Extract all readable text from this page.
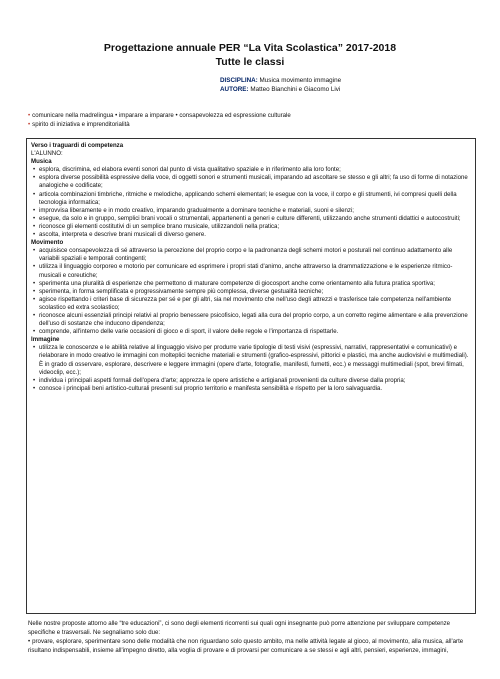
Progettazione annuale PER “La Vita Scolastica” 2017-2018
Tutte le classi
DISCIPLINA: Musica movimento immagine
AUTORE: Matteo Bianchini e Giacomo Livi
• comunicare nella madrelingua • imparare a imparare • consapevolezza ed espressione culturale
• spirito di iniziativa e imprenditorialità
Verso i traguardi di competenza
L'ALUNNO:
Musica
• esplora, discrimina, ed elabora eventi sonori dal punto di vista qualitativo spaziale e in riferimento alla loro fonte;
• esplora diverse possibilità espressive della voce, di oggetti sonori e strumenti musicali, imparando ad ascoltare se stesso e gli altri; fa uso di forme di notazione analogiche e codificate;
• articola combinazioni timbriche, ritmiche e melodiche, applicando schemi elementari; le esegue con la voce, il corpo e gli strumenti, ivi compresi quelli della tecnologia informatica;
• improvvisa liberamente e in modo creativo, imparando gradualmente a dominare tecniche e materiali, suoni e silenzi;
• esegue, da solo e in gruppo, semplici brani vocali o strumentali, appartenenti a generi e culture differenti, utilizzando anche strumenti didattici e autocostruiti;
• riconosce gli elementi costitutivi di un semplice brano musicale, utilizzandoli nella pratica;
• ascolta, interpreta e descrive brani musicali di diverso genere.
Movimento
• acquisisce consapevolezza di sé attraverso la percezione del proprio corpo e la padronanza degli schemi motori e posturali nel continuo adattamento alle variabili spaziali e temporali contingenti;
• utilizza il linguaggio corporeo e motorio per comunicare ed esprimere i propri stati d'animo, anche attraverso la drammatizzazione e le esperienze ritmico-musicali e coreutiche;
• sperimenta una pluralità di esperienze che permettono di maturare competenze di giocosport anche come orientamento alla futura pratica sportiva;
• sperimenta, in forma semplificata e progressivamente sempre più complessa, diverse gestualità tecniche;
• agisce rispettando i criteri base di sicurezza per sé e per gli altri, sia nel movimento che nell'uso degli attrezzi e trasferisce tale competenza nell'ambiente scolastico ed extra scolastico;
• riconosce alcuni essenziali principi relativi al proprio benessere psicofisico, legati alla cura del proprio corpo, a un corretto regime alimentare e alla prevenzione dell'uso di sostanze che inducono dipendenza;
• comprende, all'interno delle varie occasioni di gioco e di sport, il valore delle regole e l'importanza di rispettarle.
Immagine
• utilizza le conoscenze e le abilità relative al linguaggio visivo per produrre varie tipologie di testi visivi (espressivi, narrativi, rappresentativi e comunicativi) e rielaborare in modo creativo le immagini con molteplici tecniche materiali e strumenti (grafico-espressivi, pittorici e plastici, ma anche audiovisivi e multimediali). È in grado di osservare, esplorare, descrivere e leggere immagini (opere d'arte, fotografie, manifesti, fumetti, ecc.) e messaggi multimediali (spot, brevi filmati, videoclip, ecc.);
• individua i principali aspetti formali dell'opera d'arte; apprezza le opere artistiche e artigianali provenienti da culture diverse dalla propria;
• conosce i principali beni artistico-culturali presenti sul proprio territorio e manifesta sensibilità e rispetto per la loro salvaguardia.
Nelle nostre proposte attorno alle “tre educazioni”, ci sono degli elementi ricorrenti sui quali ogni insegnante può porre attenzione per sviluppare competenze specifiche e trasversali. Ne segnaliamo solo due:
• provare, esplorare, sperimentare sono delle modalità che non riguardano solo questo ambito, ma nelle attività legate al gioco, al movimento, alla musica, all'arte risultano indispensabili, insieme all'impegno diretto, alla voglia di provare e di provarsi per comunicare a se stessi e agli altri, pensieri, esperienze, immagini,
